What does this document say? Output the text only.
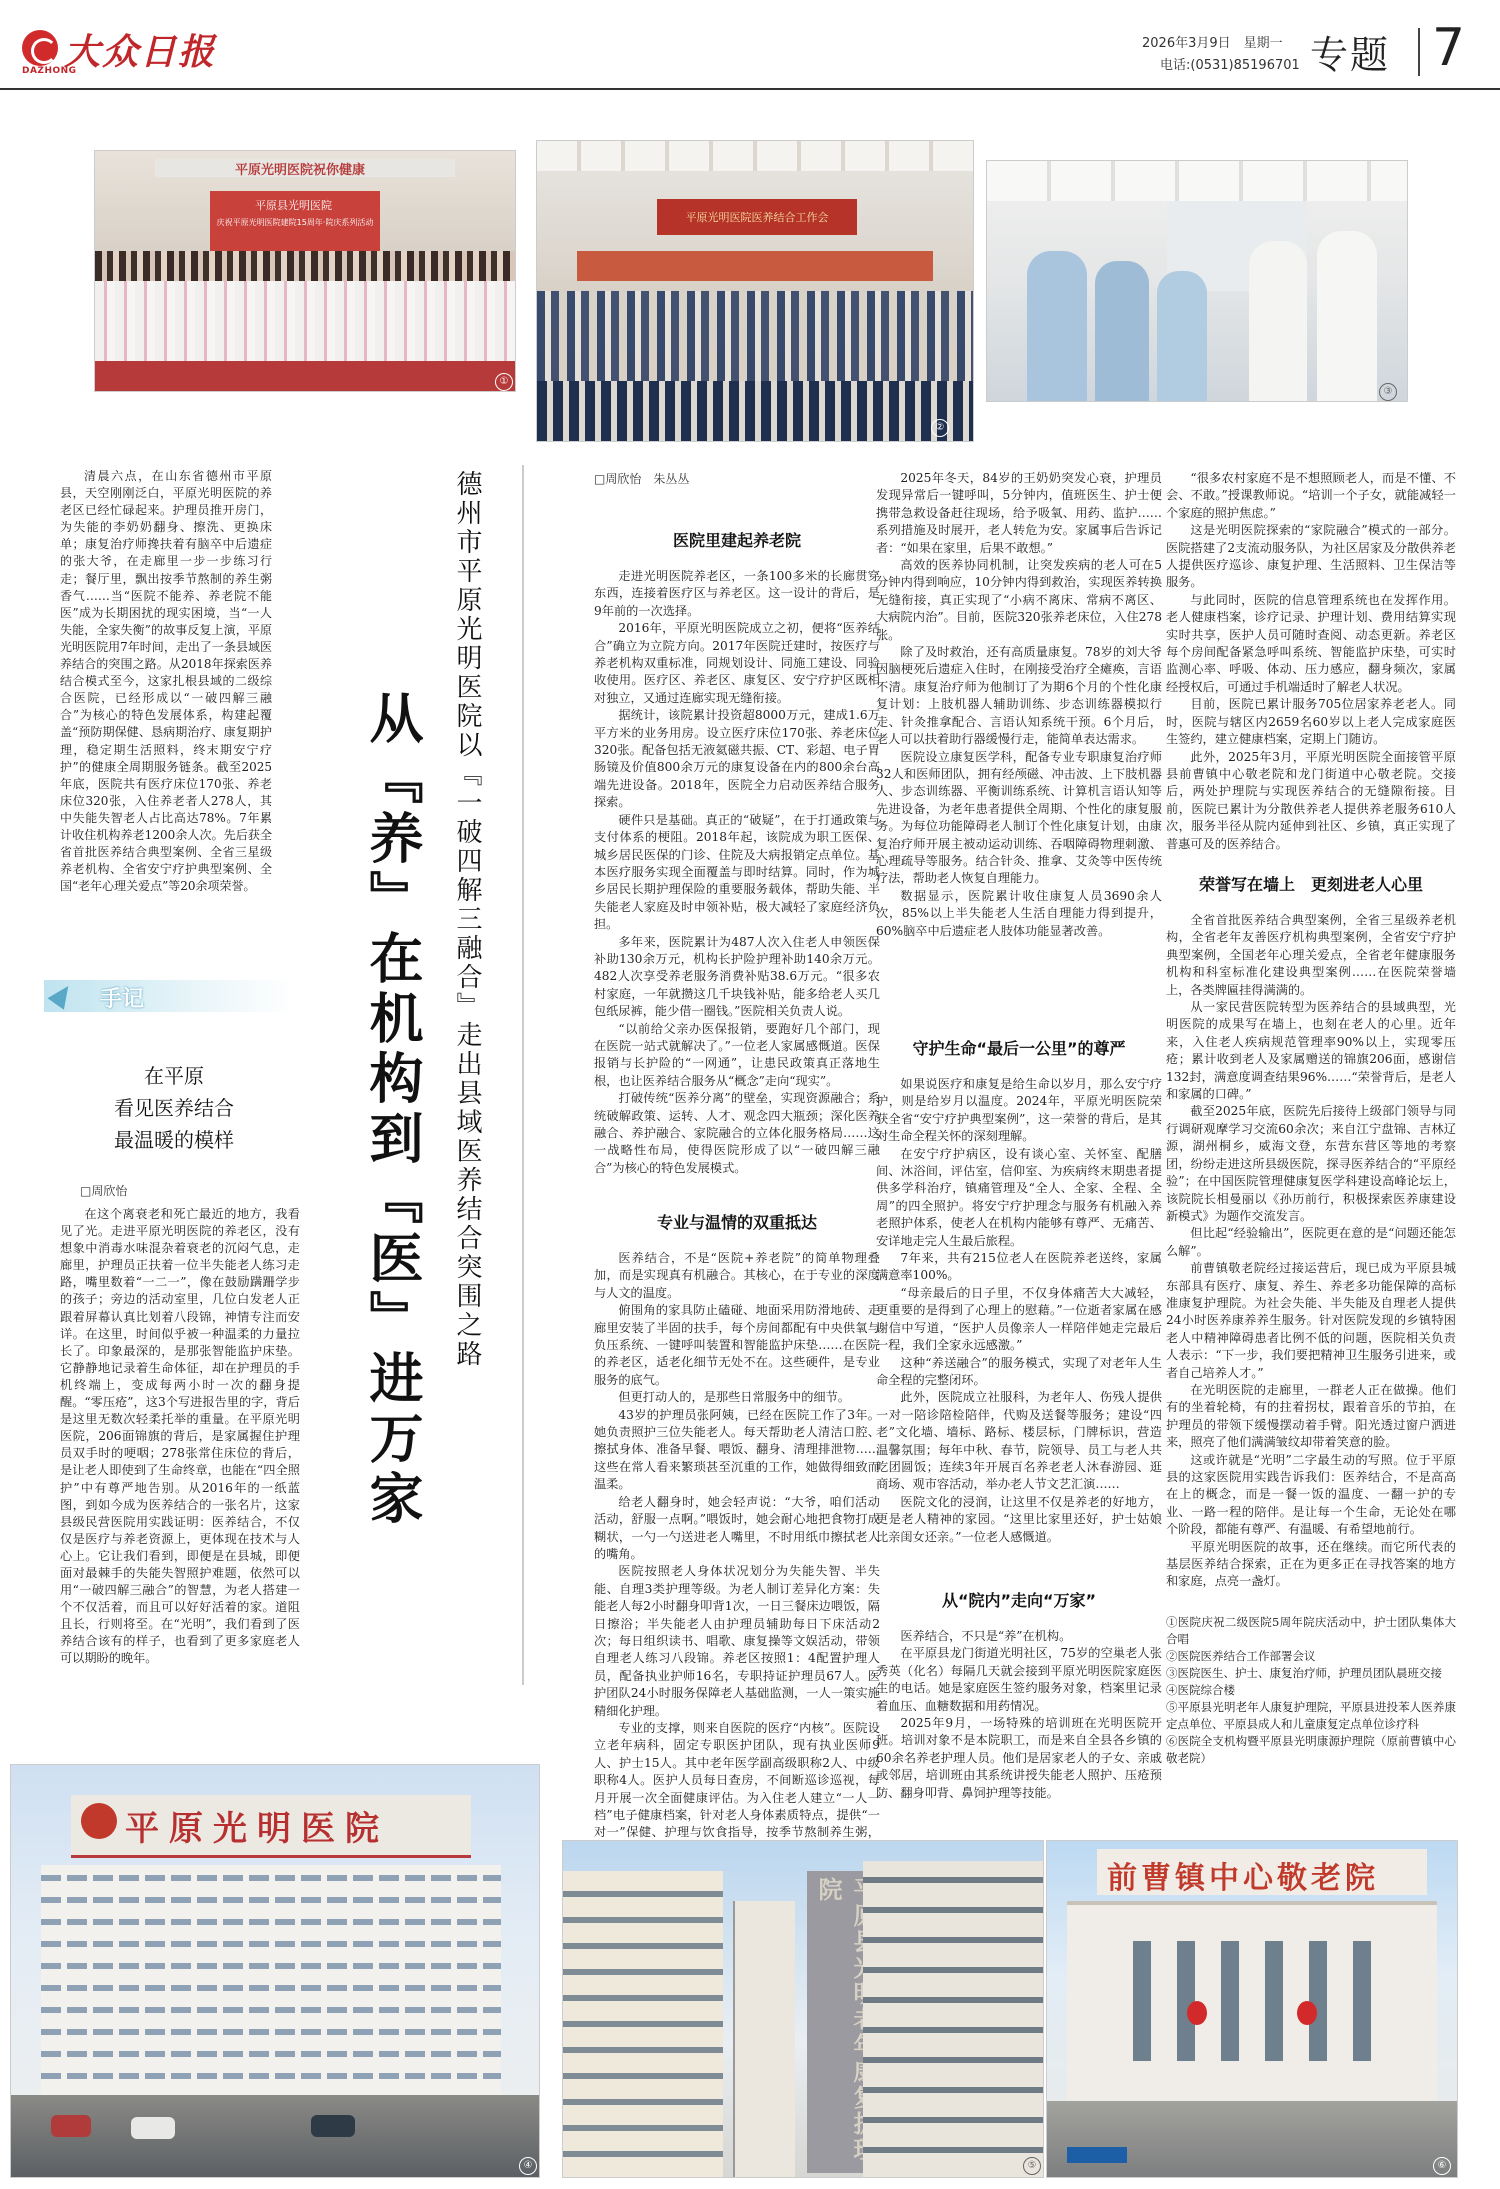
大众日报
DAZHONG
2026年3月9日　星期一
电话:(0531)85196701 专题 7
平原光明医院祝你健康
平原县光明医院
庆祝平原光明医院建院15周年·院庆系列活动
①
平原光明医院医养结合工作会
②
③

清晨六点，在山东省德州市平原县，天空刚刚泛白，平原光明医院的养老区已经忙碌起来。护理员推开房门，为失能的李奶奶翻身、擦洗、更换床单；康复治疗师搀扶着有脑卒中后遗症的张大爷，在走廊里一步一步练习行走；餐厅里，飘出按季节熬制的养生粥香气……当“医院不能养、养老院不能医”成为长期困扰的现实困境，当“一人失能，全家失衡”的故事反复上演，平原光明医院用7年时间，走出了一条县域医养结合的突围之路。从2018年探索医养结合模式至今，这家扎根县域的二级综合医院，已经形成以“一破四解三融合”为核心的特色发展体系，构建起覆盖“预防期保健、恳病期治疗、康复期护理，稳定期生活照料，终末期安宁疗护”的健康全周期服务链条。截至2025年底，医院共有医疗床位170张、养老床位320张，入住养老者人278人，其中失能失智老人占比高达78%。7年累计收住机构养老1200余人次。先后获全省首批医养结合典型案例、全省三星级养老机构、全省安宁疗护典型案例、全国“老年心理关爱点”等20余项荣誉。

手记
在平原
看见医养结合
最温暖的模样
□周欣怡

在这个离衰老和死亡最近的地方，我看见了光。走进平原光明医院的养老区，没有想象中消毒水味混杂着衰老的沉闷气息，走廊里，护理员正扶着一位半失能老人练习走路，嘴里数着“一二一”，像在鼓励蹒跚学步的孩子；旁边的活动室里，几位白发老人正跟着屏幕认真比划着八段锦，神情专注而安详。在这里，时间似乎被一种温柔的力量拉长了。印象最深的，是那张智能监护床垫。它静静地记录着生命体征，却在护理员的手机终端上，变成每两小时一次的翻身提醒。“零压疮”，这3个写进报告里的字，背后是这里无数次轻柔托举的重量。在平原光明医院，206面锦旗的背后，是家属握住护理员双手时的哽咽；278张常住床位的背后，是让老人即使到了生命终章，也能在“四全照护”中有尊严地告别。从2016年的一纸蓝图，到如今成为医养结合的一张名片，这家县级民营医院用实践证明：医养结合，不仅仅是医疗与养老资源上，更体现在技术与人心上。它让我们看到，即便是在县城，即便面对最棘手的失能失智照护难题，依然可以用“一破四解三融合”的智慧，为老人搭建一个不仅活着，而且可以好好活着的家。道阻且长，行则将至。在“光明”，我们看到了医养结合该有的样子，也看到了更多家庭老人可以期盼的晚年。

从『养』在机构到『医』进万家 德州市平原光明医院以『一破四解三融合』走出县域医养结合突围之路	□周欣怡　朱丛丛
医院里建起养老院

走进光明医院养老区，一条100多米的长廊贯穿东西，连接着医疗区与养老区。这一设计的背后，是9年前的一次选择。

2016年，平原光明医院成立之初，便将“医养结合”确立为立院方向。2017年医院迁建时，按医疗与养老机构双重标准，同规划设计、同施工建设、同验收使用。医疗区、养老区、康复区、安宁疗护区既相对独立，又通过连廊实现无缝衔接。

据统计，该院累计投资超8000万元，建成1.6万平方米的业务用房。设立医疗床位170张、养老床位320张。配备包括无液氦磁共振、CT、彩超、电子胃肠镜及价值800余万元的康复设备在内的800余台高端先进设备。2018年，医院全力启动医养结合服务探索。

硬件只是基础。真正的“破疑”，在于打通政策与支付体系的梗阻。2018年起，该院成为职工医保、城乡居民医保的门诊、住院及大病报销定点单位。基本医疗服务实现全面覆盖与即时结算。同时，作为城乡居民长期护理保险的重要服务载体，帮助失能、半失能老人家庭及时申领补贴，极大减轻了家庭经济负担。

多年来，医院累计为487人次入住老人申领医保补助130余万元，机构长护险护理补助140余万元。482人次享受养老服务消费补贴38.6万元。“很多农村家庭，一年就攒这几千块钱补贴，能多给老人买几包纸尿裤，能少借一圈钱。”医院相关负责人说。

“以前给父亲办医保报销，要跑好几个部门，现在医院一站式就解决了。”一位老人家属感慨道。医保报销与长护险的“一网通”，让患民政策真正落地生根，也让医养结合服务从“概念”走向“现实”。

打破传统“医养分离”的壁垒，实现资源融合；系统破解政策、运转、人才、观念四大瓶颈；深化医养融合、养护融合、家院融合的立体化服务格局……这一战略性布局，使得医院形成了以“一破四解三融合”为核心的特色发展模式。

专业与温情的双重抵达

医养结合，不是“医院+养老院”的简单物理叠加，而是实现真有机融合。其核心，在于专业的深度与人文的温度。

俯围角的家具防止磕碰、地面采用防滑地砖、走廊里安装了半固的扶手，每个房间都配有中央供氧与负压系统、一键呼叫装置和智能监护床垫……在医院的养老区，适老化细节无处不在。这些硬件，是专业服务的底气。

但更打动人的，是那些日常服务中的细节。

43岁的护理员张阿姨，已经在医院工作了3年。她负责照护三位失能老人。每天帮助老人清洁口腔、擦拭身体、准备早餐、喂饭、翻身、清理排泄物……这些在常人看来繁琐甚至沉重的工作，她做得细致而温柔。

给老人翻身时，她会轻声说：“大爷，咱们活动活动，舒服一点啊。”喂饭时，她会耐心地把食物打成糊状，一勺一勺送进老人嘴里，不时用纸巾擦拭老人的嘴角。

医院按照老人身体状况划分为失能失智、半失能、自理3类护理等级。为老人制订差异化方案：失能老人每2小时翻身叩背1次，一日三餐床边喂饭，隔日擦浴；半失能老人由护理员辅助每日下床活动2次；每日组织读书、唱歌、康复操等文娱活动，带领自理老人练习八段锦。养老区按照1：4配置护理人员，配备执业护师16名，专职持证护理员67人。医护团队24小时服务保障老人基础监测，一人一策实施精细化护理。

专业的支撑，则来自医院的医疗“内核”。医院设立老年病科，固定专职医护团队，现有执业医师9人、护士15人。其中老年医学副高级职称2人、中级职称4人。医护人员每日查房，不间断巡诊巡视，每月开展一次全面健康评估。为入住老人建立“一人一档”电子健康档案，针对老人身体素质特点，提供“一对一”保健、护理与饮食指导，按季节熬制养生粥，

2025年冬天，84岁的王奶奶突发心衰，护理员发现异常后一键呼叫，5分钟内，值班医生、护士便携带急救设备赶往现场，给予吸氧、用药、监护……系列措施及时展开，老人转危为安。家属事后告诉记者：“如果在家里，后果不敢想。”

高效的医养协同机制，让突发疾病的老人可在5分钟内得到响应，10分钟内得到救治，实现医养转换无缝衔接，真正实现了“小病不离床、常病不离区、大病院内治”。目前，医院320张养老床位，入住278张。

除了及时救治，还有高质量康复。78岁的刘大爷因脑梗死后遗症入住时，在刚接受治疗全瘫痪，言语不清。康复治疗师为他制订了为期6个月的个性化康复计划：上肢机器人辅助训练、步态训练器模拟行走、针灸推拿配合、言语认知系统干预。6个月后，老人可以扶着助行器缓慢行走，能简单表达需求。

医院设立康复医学科，配备专业专职康复治疗师32人和医师团队，拥有经颅磁、冲击波、上下肢机器人、步态训练器、平衡训练系统、计算机言语认知等先进设备，为老年患者提供全周期、个性化的康复服务。为每位功能障碍老人制订个性化康复计划，由康复治疗师开展主被动运动训练、吞咽障碍物理刺激、心理疏导等服务。结合针灸、推拿、艾灸等中医传统疗法，帮助老人恢复自理能力。

数据显示，医院累计收住康复人员3690余人次，85%以上半失能老人生活自理能力得到提升，60%脑卒中后遗症老人肢体功能显著改善。

守护生命“最后一公里”的尊严

如果说医疗和康复是给生命以岁月，那么安宁疗护，则是给岁月以温度。2024年，平原光明医院荣获全省“安宁疗护典型案例”，这一荣誉的背后，是其对生命全程关怀的深刻理解。

在安宁疗护病区，设有谈心室、关怀室、配膳间、沐浴间，评估室，信仰室、为疾病终末期患者提供多学科治疗，镇痛管理及“全人、全家、全程、全周”的四全照护。将安宁疗护理念与服务有机融入养老照护体系，使老人在机构内能够有尊严、无痛苦、安详地走完人生最后旅程。

7年来，共有215位老人在医院养老送终，家属满意率100%。

“母亲最后的日子里，不仅身体痛苦大大减轻，更重要的是得到了心理上的慰藉。”一位逝者家属在感谢信中写道，“医护人员像亲人一样陪伴她走完最后一程，我们全家永远感激。”

这种“养送融合”的服务模式，实现了对老年人生命全程的完整闭环。

此外，医院成立社服科，为老年人、伤残人提供一对一陪诊陪检陪伴，代购及送餐等服务；建设“四老”文化墙、墙标、路标、楼层标，门牌标识，营造温馨氛围；每年中秋、春节，院领导、员工与老人共吃团圆饭；连续3年开展百名养老老人沐春游园、逛商场、观市容活动，举办老人节文艺汇演……

医院文化的浸润，让这里不仅是养老的好地方，更是老人精神的家园。“这里比家里还好，护士姑娘比亲闺女还亲。”一位老人感慨道。

从“院内”走向“万家”

医养结合，不只是“养”在机构。

在平原县龙门街道光明社区，75岁的空巢老人张秀英（化名）每隔几天就会接到平原光明医院家庭医生的电话。她是家庭医生签约服务对象，档案里记录着血压、血糖数据和用药情况。

2025年9月，一场特殊的培训班在光明医院开班。培训对象不是本院职工，而是来自全县各乡镇的60余名养老护理人员。他们是居家老人的子女、亲戚或邻居，培训班由其系统讲授失能老人照护、压疮预防、翻身叩背、鼻饲护理等技能。

“很多农村家庭不是不想照顾老人，而是不懂、不会、不敢。”授课教师说。“培训一个子女，就能减轻一个家庭的照护焦虑。”

这是光明医院探索的“家院融合”模式的一部分。医院搭建了2支流动服务队，为社区居家及分散供养老人提供医疗巡诊、康复护理、生活照料、卫生保洁等服务。

与此同时，医院的信息管理系统也在发挥作用。老人健康档案，诊疗记录、护理计划、费用结算实现实时共享，医护人员可随时查阅、动态更新。养老区每个房间配备紧急呼叫系统、智能监护床垫，可实时监测心率、呼吸、体动、压力感应，翻身频次，家属经授权后，可通过手机端适时了解老人状况。

目前，医院已累计服务705位居家养老老人。同时，医院与辖区内2659名60岁以上老人完成家庭医生签约，建立健康档案，定期上门随访。

此外，2025年3月，平原光明医院全面接管平原县前曹镇中心敬老院和龙门街道中心敬老院。交接后，两处护理院与实现医养结合的无缝隙衔接。目前，医院已累计为分散供养老人提供养老服务610人次，服务半径从院内延伸到社区、乡镇，真正实现了普惠可及的医养结合。

荣誉写在墙上　更刻进老人心里

全省首批医养结合典型案例，全省三星级养老机构，全省老年友善医疗机构典型案例，全省安宁疗护典型案例，全国老年心理关爱点，全省老年健康服务机构和科室标准化建设典型案例……在医院荣誉墙上，各类牌匾挂得满满的。

从一家民营医院转型为医养结合的县域典型，光明医院的成果写在墙上，也刻在老人的心里。近年来，入住老人疾病规范管理率90%以上，实现零压疮；累计收到老人及家属赠送的锦旗206面，感谢信132封，满意度调查结果96%……“荣誉背后，是老人和家属的口碑。”

截至2025年底，医院先后接待上级部门领导与同行调研观摩学习交流60余次；来自江宁盘锦、吉林辽源，湖州桐乡，威海文登，东营东营区等地的考察团，纷纷走进这所县级医院，探寻医养结合的“平原经验”；在中国医院管理健康复医学科建设高峰论坛上，该院院长相曼丽以《孙历前行，积极探索医养康建设新模式》为题作交流发言。

但比起“经验输出”，医院更在意的是“问题还能怎么解”。

前曹镇敬老院经过接运营后，现已成为平原县城东部具有医疗、康复、养生、养老多功能保障的高标准康复护理院。为社会失能、半失能及自理老人提供24小时医养康养养生服务。针对医院发现的乡镇特困老人中精神障碍患者比例不低的问题，医院相关负责人表示：“下一步，我们要把精神卫生服务引进来，或者自己培养人才。”

在光明医院的走廊里，一群老人正在做操。他们有的坐着轮椅，有的拄着拐杖，跟着音乐的节拍，在护理员的带领下缓慢摆动着手臂。阳光透过窗户洒进来，照亮了他们满满皱纹却带着笑意的脸。

这或许就是“光明”二字最生动的写照。位于平原县的这家医院用实践告诉我们：医养结合，不是高高在上的概念，而是一餐一饭的温度、一翻一护的专业、一路一程的陪伴。是让每一个生命，无论处在哪个阶段，都能有尊严、有温暖、有希望地前行。

平原光明医院的故事，还在继续。而它所代表的基层医养结合探索，正在为更多正在寻找答案的地方和家庭，点亮一盏灯。

①医院庆祝二级医院5周年院庆活动中，护士团队集体大合唱

②医院医养结合工作部署会议

③医院医生、护士、康复治疗师，护理员团队晨班交接

④医院综合楼

⑤平原县光明老年人康复护理院，平原县进投苯人医养康定点单位、平原县成人和儿童康复定点单位诊疗科

⑥医院全支机构暨平原县光明康源护理院（原前曹镇中心敬老院）

平原光明医院
④
院
⑤
前曹镇中心敬老院
⑥
